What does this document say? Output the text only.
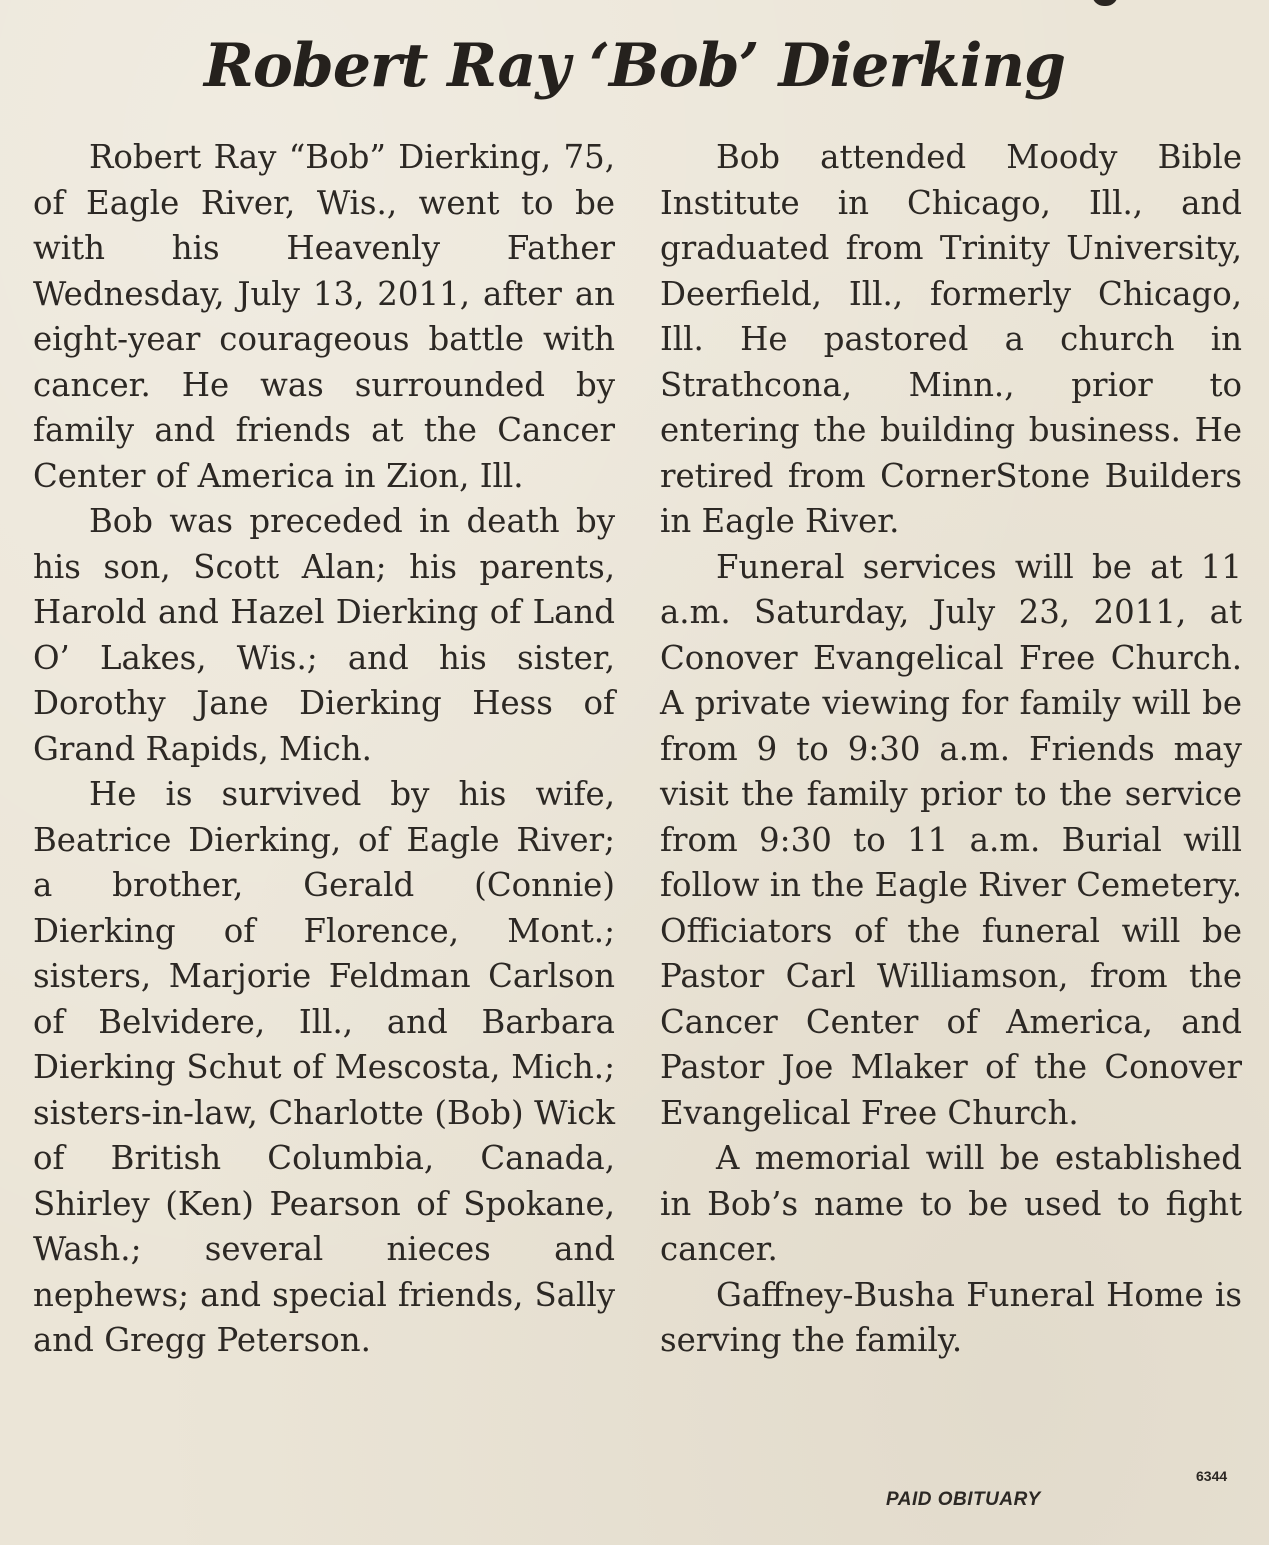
Robert Ray ‘Bob’ Dierking

Robert Ray “Bob” Dierking, 75, of Eagle River, Wis., went to be with his Heavenly Father Wednesday, July 13, 2011, after an eight-year courageous battle with cancer. He was surrounded by family and friends at the Cancer Center of America in Zion, Ill.

Bob was preceded in death by his son, Scott Alan; his parents, Harold and Hazel Dierking of Land O’ Lakes, Wis.; and his sister, Dorothy Jane Dierking Hess of Grand Rapids, Mich.

He is survived by his wife, Beatrice Dierking, of Eagle River; a brother, Gerald (Connie) Dierking of Florence, Mont.; sisters, Marjorie Feldman Carlson of Belvidere, Ill., and Barbara Dierking Schut of Mescosta, Mich.; sisters-in-law, Charlotte (Bob) Wick of British Columbia, Canada, Shirley (Ken) Pearson of Spokane, Wash.; several nieces and nephews; and special friends, Sally and Gregg Peterson.

Bob attended Moody Bible Institute in Chicago, Ill., and graduated from Trinity University, Deerfield, Ill., formerly Chicago, Ill. He pastored a church in Strathcona, Minn., prior to entering the building business. He retired from CornerStone Builders in Eagle River.

Funeral services will be at 11 a.m. Saturday, July 23, 2011, at Conover Evangelical Free Church. A private viewing for family will be from 9 to 9:30 a.m. Friends may visit the family prior to the service from 9:30 to 11 a.m. Burial will follow in the Eagle River Cemetery. Officiators of the funeral will be Pastor Carl Williamson, from the Cancer Center of America, and Pastor Joe Mlaker of the Conover Evangelical Free Church.

A memorial will be established in Bob’s name to be used to fight cancer.

Gaffney-Busha Funeral Home is serving the family.

6344
PAID OBITUARY
